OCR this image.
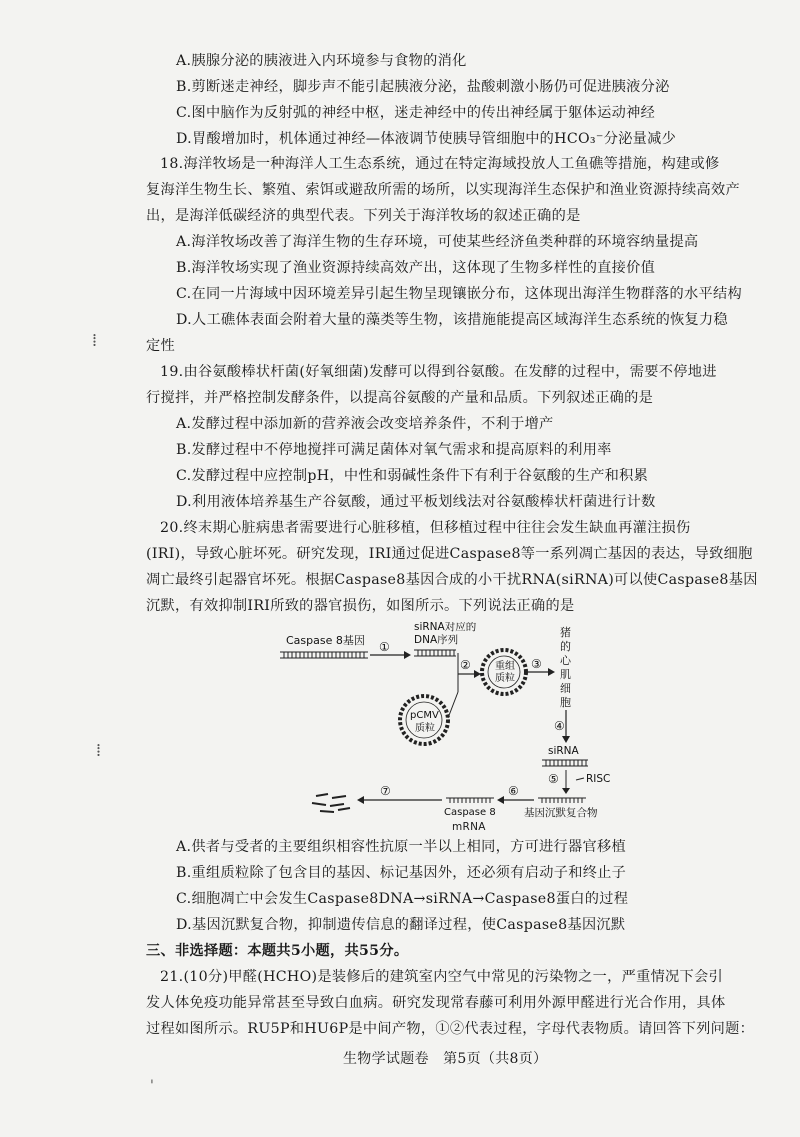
A.胰腺分泌的胰液进入内环境参与食物的消化
B.剪断迷走神经，脚步声不能引起胰液分泌，盐酸刺激小肠仍可促进胰液分泌
C.图中脑作为反射弧的神经中枢，迷走神经中的传出神经属于躯体运动神经
D.胃酸增加时，机体通过神经—体液调节使胰导管细胞中的HCO₃⁻分泌量减少
18.海洋牧场是一种海洋人工生态系统，通过在特定海域投放人工鱼礁等措施，构建或修
复海洋生物生长、繁殖、索饵或避敌所需的场所，以实现海洋生态保护和渔业资源持续高效产
出，是海洋低碳经济的典型代表。下列关于海洋牧场的叙述正确的是
A.海洋牧场改善了海洋生物的生存环境，可使某些经济鱼类种群的环境容纳量提高
B.海洋牧场实现了渔业资源持续高效产出，这体现了生物多样性的直接价值
C.在同一片海域中因环境差异引起生物呈现镶嵌分布，这体现出海洋生物群落的水平结构
D.人工礁体表面会附着大量的藻类等生物，该措施能提高区域海洋生态系统的恢复力稳
定性
19.由谷氨酸棒状杆菌(好氧细菌)发酵可以得到谷氨酸。在发酵的过程中，需要不停地进
行搅拌，并严格控制发酵条件，以提高谷氨酸的产量和品质。下列叙述正确的是
A.发酵过程中添加新的营养液会改变培养条件，不利于增产
B.发酵过程中不停地搅拌可满足菌体对氧气需求和提高原料的利用率
C.发酵过程中应控制pH，中性和弱碱性条件下有利于谷氨酸的生产和积累
D.利用液体培养基生产谷氨酸，通过平板划线法对谷氨酸棒状杆菌进行计数
20.终末期心脏病患者需要进行心脏移植，但移植过程中往往会发生缺血再灌注损伤
(IRI)，导致心脏坏死。研究发现，IRI通过促进Caspase8等一系列凋亡基因的表达，导致细胞
凋亡最终引起器官坏死。根据Caspase8基因合成的小干扰RNA(siRNA)可以使Caspase8基因
沉默，有效抑制IRI所致的器官损伤，如图所示。下列说法正确的是
Caspase 8基因 ①
siRNA对应的
DNA序列
② 重组
质粒
pCMV
质粒
③
猪
的
心
肌
细
胞
④
siRNA
⑤	RISC
基因沉默复合物
⑥
Caspase 8
⑦
mRNA
A.供者与受者的主要组织相容性抗原一半以上相同，方可进行器官移植
B.重组质粒除了包含目的基因、标记基因外，还必须有启动子和终止子
C.细胞凋亡中会发生Caspase8DNA→siRNA→Caspase8蛋白的过程
D.基因沉默复合物，抑制遗传信息的翻译过程，使Caspase8基因沉默
三、非选择题：本题共5小题，共55分。
21.(10分)甲醛(HCHO)是装修后的建筑室内空气中常见的污染物之一，严重情况下会引
发人体免疫功能异常甚至导致白血病。研究发现常春藤可利用外源甲醛进行光合作用，具体
过程如图所示。RU5P和HU6P是中间产物，①②代表过程，字母代表物质。请回答下列问题：
生物学试题卷　第5页（共8页）
⁞
⁞
'
